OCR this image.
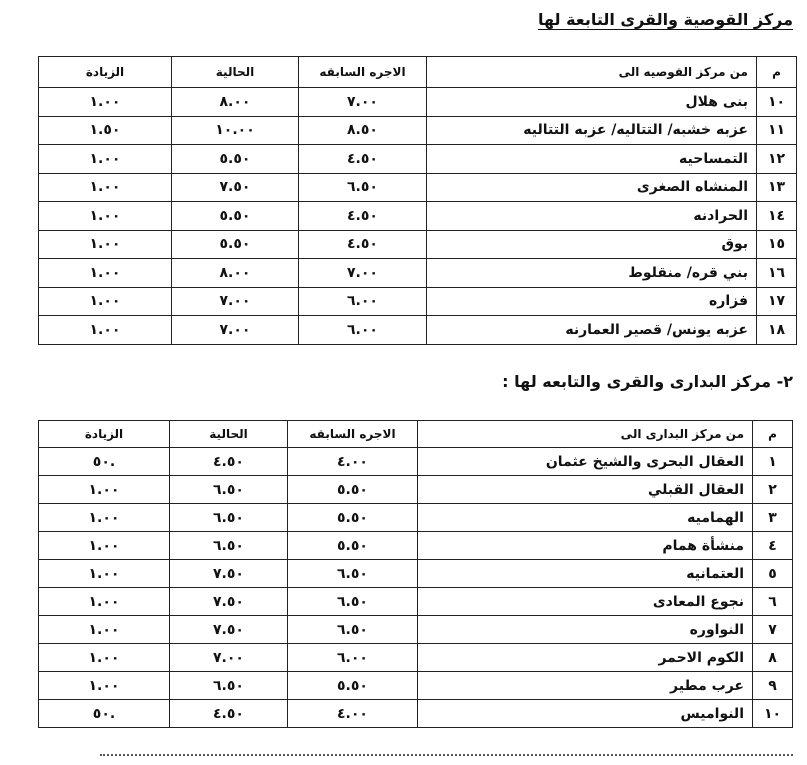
مركز القوصية والقرى التابعة لها
م	من مركز القوصيه الى	الاجره السابقه	الحالية	الزيادة
١٠	بنى هلال	٧.٠٠	٨.٠٠	١.٠٠
١١	عزبه خشبه/ التتاليه/ عزبه التتاليه	٨.٥٠	١٠.٠٠	١.٥٠
١٢	التمساحيه	٤.٥٠	٥.٥٠	١.٠٠
١٣	المنشاه الصغرى	٦.٥٠	٧.٥٠	١.٠٠
١٤	الحرادنه	٤.٥٠	٥.٥٠	١.٠٠
١٥	بوق	٤.٥٠	٥.٥٠	١.٠٠
١٦	بني قره/ منقلوط	٧.٠٠	٨.٠٠	١.٠٠
١٧	فزاره	٦.٠٠	٧.٠٠	١.٠٠
١٨	عزبه يونس/ قصير العمارنه	٦.٠٠	٧.٠٠	١.٠٠
٢- مركز البدارى والقرى والتابعه لها :
م	من مركز البدارى الى	الاجره السابقه	الحالية	الزيادة
١	العقال البحرى والشيخ عثمان	٤.٠٠	٤.٥٠	.٥٠
٢	العقال القبلي	٥.٥٠	٦.٥٠	١.٠٠
٣	الهماميه	٥.٥٠	٦.٥٠	١.٠٠
٤	منشأة همام	٥.٥٠	٦.٥٠	١.٠٠
٥	العتمانيه	٦.٥٠	٧.٥٠	١.٠٠
٦	نجوع المعادى	٦.٥٠	٧.٥٠	١.٠٠
٧	النواوره	٦.٥٠	٧.٥٠	١.٠٠
٨	الكوم الاحمر	٦.٠٠	٧.٠٠	١.٠٠
٩	عرب مطير	٥.٥٠	٦.٥٠	١.٠٠
١٠	النواميس	٤.٠٠	٤.٥٠	.٥٠
